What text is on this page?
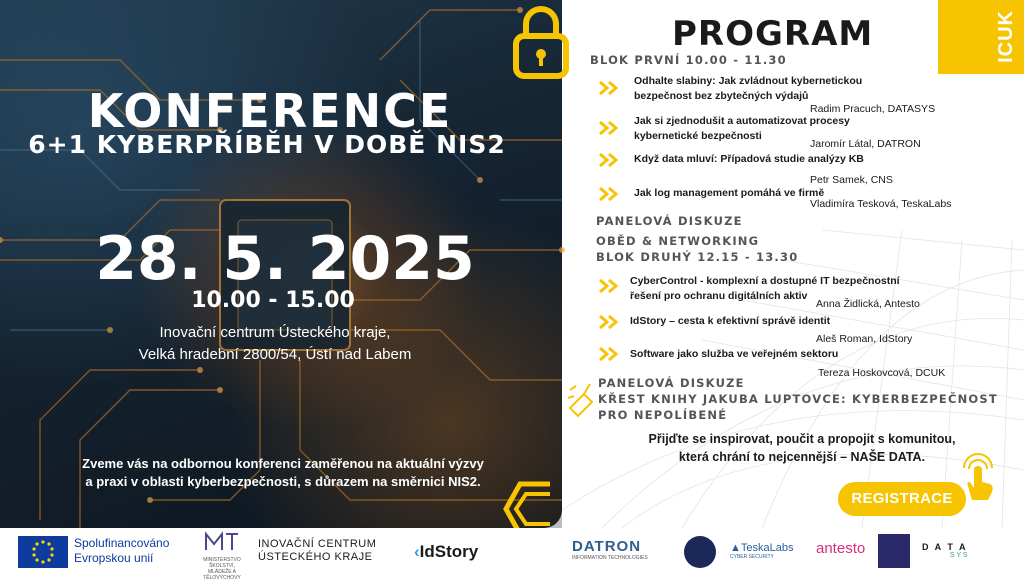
KONFERENCE
6+1 KYBERPŘÍBĚH V DOBĚ NIS2
28. 5. 2025
10.00 - 15.00
Inovační centrum Ústeckého kraje,
Velká hradební 2800/54, Ústí nad Labem
Zveme vás na odbornou konferenci zaměřenou na aktuální výzvy
a praxi v oblasti kyberbezpečnosti, s důrazem na směrnici NIS2.
PROGRAM	ICUK
BLOK PRVNÍ 10.00 - 11.30
Odhalte slabiny: Jak zvládnout kybernetickou
bezpečnost bez zbytečných výdajů
Radim Pracuch, DATASYS
Jak si zjednodušit a automatizovat procesy
kybernetické bezpečnosti
Jaromír Látal, DATRON
Když data mluví: Případová studie analýzy KB
Petr Samek, CNS
Jak log management pomáhá ve firmě
Vladimíra Tesková, TeskaLabs
PANELOVÁ DISKUZE
OBĚD & NETWORKING
BLOK DRUHÝ 12.15 - 13.30
CyberControl - komplexní a dostupné IT bezpečnostní
řešení pro ochranu digitálních aktiv
Anna Židlická, Antesto
IdStory – cesta k efektivní správě identit
Aleš Roman, IdStory
Software jako služba ve veřejném sektoru
Tereza Hoskovcová, DCUK
PANELOVÁ DISKUZE
KŘEST KNIHY JAKUBA LUPTOVCE: KYBERBEZPEČNOST
PRO NEPOLÍBENÉ
Přijďte se inspirovat, poučit a propojit s komunitou,
která chrání to nejcennější – NAŠE DATA.
REGISTRACE
Spolufinancováno
Evropskou unií	MINISTERSTVO ŠKOLSTVÍ,
MLÁDEŽE A TĚLOVÝCHOVY
INOVAČNÍ CENTRUM
ÚSTECKÉHO KRAJE ‹IdStory	DATRON
INFORMATION TECHNOLOGIES
▲TeskaLabs
CYBER SECURITY	antesto	D A T A
S Y S
